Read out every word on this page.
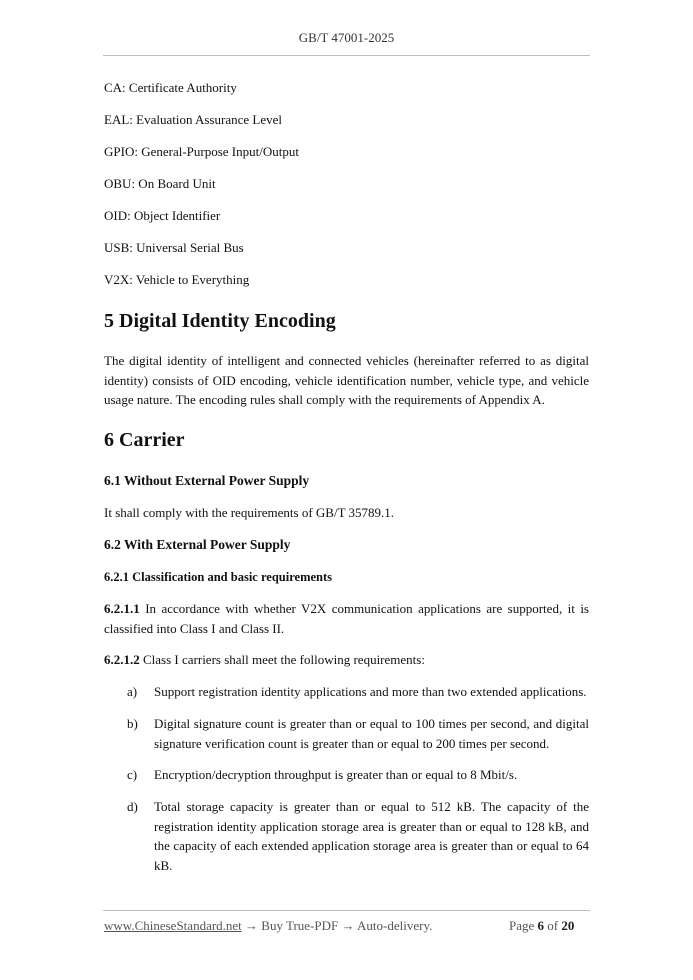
GB/T 47001-2025
CA: Certificate Authority
EAL: Evaluation Assurance Level
GPIO: General-Purpose Input/Output
OBU: On Board Unit
OID: Object Identifier
USB: Universal Serial Bus
V2X: Vehicle to Everything
5 Digital Identity Encoding

The digital identity of intelligent and connected vehicles (hereinafter referred to as digital identity) consists of OID encoding, vehicle identification number, vehicle type, and vehicle usage nature. The encoding rules shall comply with the requirements of Appendix A.

6 Carrier
6.1 Without External Power Supply

It shall comply with the requirements of GB/T 35789.1.

6.2 With External Power Supply
6.2.1 Classification and basic requirements

6.2.1.1 In accordance with whether V2X communication applications are supported, it is classified into Class I and Class II.

6.2.1.2 Class I carriers shall meet the following requirements:

a)	Support registration identity applications and more than two extended applications.
b)	Digital signature count is greater than or equal to 100 times per second, and digital signature verification count is greater than or equal to 200 times per second.
c)	Encryption/decryption throughput is greater than or equal to 8 Mbit/s.
d)	Total storage capacity is greater than or equal to 512 kB. The capacity of the registration identity application storage area is greater than or equal to 128 kB, and the capacity of each extended application storage area is greater than or equal to 64 kB.
www.ChineseStandard.net → Buy True-PDF → Auto-delivery.	Page 6 of 20
